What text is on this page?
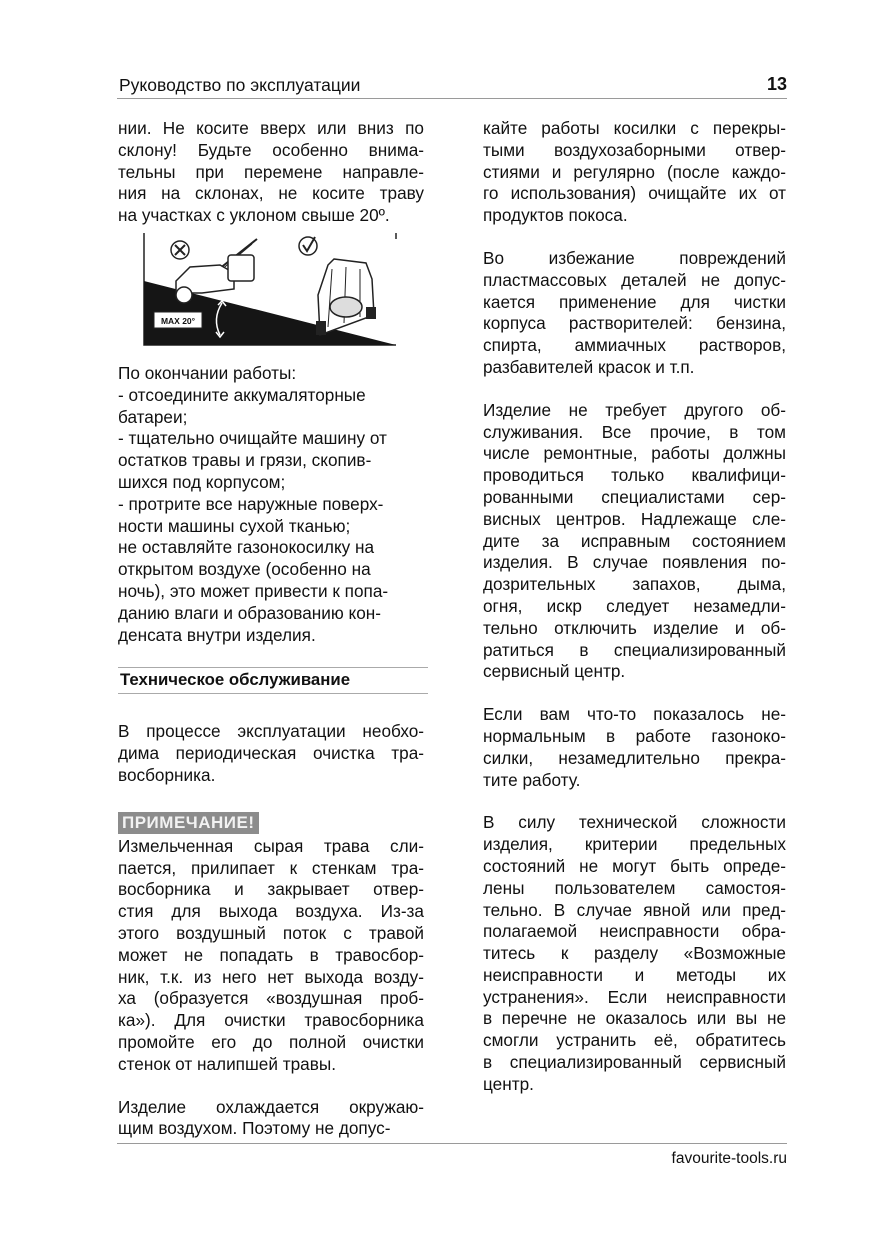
Руководство по эксплуатации	13
нии. Не косите вверх или вниз по
склону! Будьте особенно внима-
тельны при перемене направле-
ния на склонах, не косите траву
на участках с уклоном свыше 20º.
MAX 20°
По окончании работы:
- отсоедините аккумаляторные
батареи;
- тщательно очищайте машину от
остатков травы и грязи, скопив-
шихся под корпусом;
- протрите все наружные поверх-
ности машины сухой тканью;
не оставляйте газонокосилку на
открытом воздухе (особенно на
ночь), это может привести к попа-
данию влаги и образованию кон-
денсата внутри изделия.
Техническое обслуживание
В процессе эксплуатации необхо-
дима периодическая очистка тра-
восборника.
ПРИМЕЧАНИЕ!
Измельченная сырая трава сли-
пается, прилипает к стенкам тра-
восборника и закрывает отвер-
стия для выхода воздуха. Из-за
этого воздушный поток с травой
может не попадать в травосбор-
ник, т.к. из него нет выхода возду-
ха (образуется «воздушная проб-
ка»). Для очистки травосборника
промойте его до полной очистки
стенок от налипшей травы.
Изделие охлаждается окружаю-
щим воздухом. Поэтому не допус-
кайте работы косилки с перекры-
тыми воздухозаборными отвер-
стиями и регулярно (после каждо-
го использования) очищайте их от
продуктов покоса.
Во избежание повреждений
пластмассовых деталей не допус-
кается применение для чистки
корпуса растворителей: бензина,
спирта, аммиачных растворов,
разбавителей красок и т.п.
Изделие не требует другого об-
служивания. Все прочие, в том
числе ремонтные, работы должны
проводиться только квалифици-
рованными специалистами сер-
висных центров. Надлежаще сле-
дите за исправным состоянием
изделия. В случае появления по-
дозрительных запахов, дыма,
огня, искр следует незамедли-
тельно отключить изделие и об-
ратиться в специализированный
сервисный центр.
Если вам что-то показалось не-
нормальным в работе газоноко-
силки, незамедлительно прекра-
тите работу.
В силу технической сложности
изделия, критерии предельных
состояний не могут быть опреде-
лены пользователем самостоя-
тельно. В случае явной или пред-
полагаемой неисправности обра-
титесь к разделу «Возможные
неисправности и методы их
устранения». Если неисправности
в перечне не оказалось или вы не
смогли устранить её, обратитесь
в специализированный сервисный
центр.
favourite-tools.ru
